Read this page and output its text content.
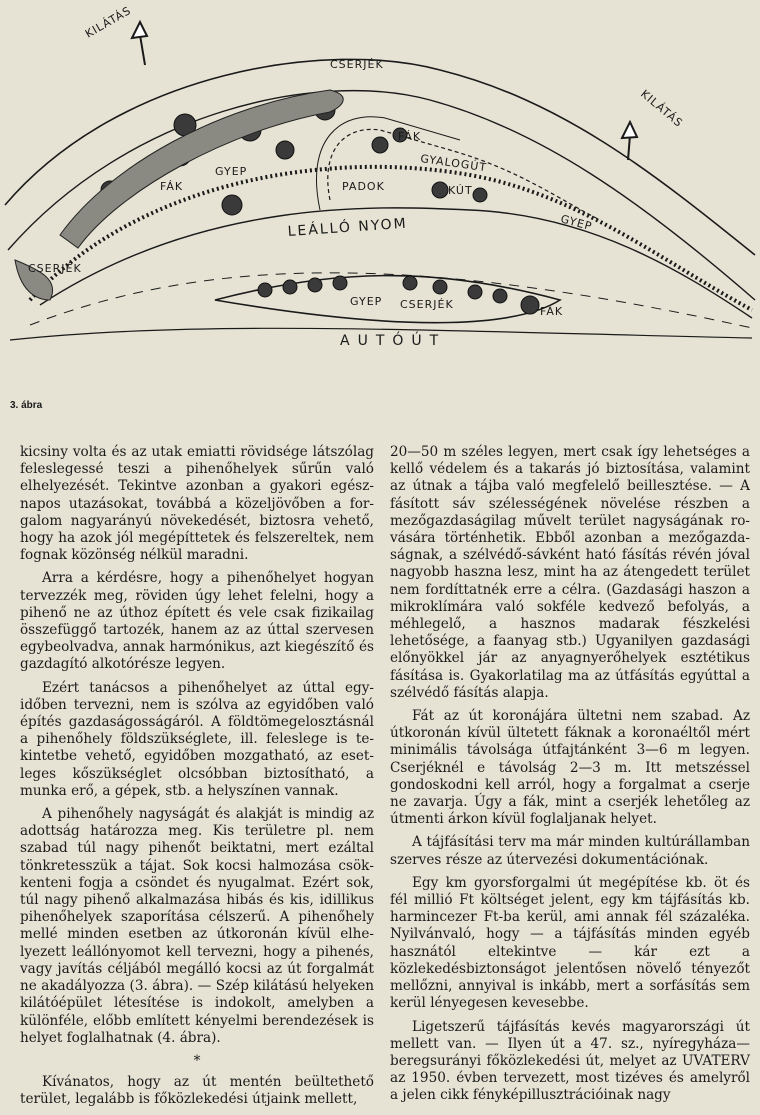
KILÁTÁS
KILÁTÁS
CSERJÉK
CSERJÉK
CSERJÉK
FÁK
FÁK
FÁK
GYEP
GYEP
GYEP
GYALOGÚT
PADOK	KÚT
LEÁLLÓ NYOM
AUTÓÚT
3. ábra

kicsiny volta és az utak emiatti rövidsége látszólag feleslegessé teszi a pihenőhelyek sűrűn való elhelyezését. Tekintve azonban a gyakori egésznapos utazásokat, továbbá a közeljövőben a forgalom nagyarányú növekedését, biztosra vehető, hogy ha azok jól megépíttetek és felszereltek, nem fognak közönség nélkül maradni.

Arra a kérdésre, hogy a pihenőhelyet hogyan tervezzék meg, röviden úgy lehet felelni, hogy a pihenő ne az úthoz épített és vele csak fizikailag összefüggő tartozék, hanem az az úttal szervesen egybeolvadva, annak harmónikus, azt kiegészítő és gazdagító alkotórésze legyen.

Ezért tanácsos a pihenőhelyet az úttal egyidőben tervezni, nem is szólva az egyidőben való építés gazdaságosságáról. A földtömegelosztásnál a pihenőhely földszükséglete, ill. feleslege is tekintetbe vehető, egyidőben mozgatható, az esetleges kőszükséglet olcsóbban biztosítható, a munka erő, a gépek, stb. a helyszínen vannak.

A pihenőhely nagyságát és alakját is mindig az adottság határozza meg. Kis területre pl. nem szabad túl nagy pihenőt beiktatni, mert ezáltal tönkretesszük a tájat. Sok kocsi halmozása csökkenteni fogja a csöndet és nyugalmat. Ezért sok, túl nagy pihenő alkalmazása hibás és kis, idillikus pihenőhelyek szaporítása célszerű. A pihenőhely mellé minden esetben az útkoronán kívül elhelyezett leállónyomot kell tervezni, hogy a pihenés, vagy javítás céljából megálló kocsi az út forgalmát ne akadályozza (3. ábra). — Szép kilátású helyeken kilátóépület létesítése is indokolt, amelyben a különféle, előbb említett kényelmi berendezések is helyet foglalhatnak (4. ábra).

*

Kívánatos, hogy az út mentén beültethető terület, legalább is főközlekedési útjaink mellett,

20—50 m széles legyen, mert csak így lehetséges a kellő védelem és a takarás jó biztosítása, valamint az útnak a tájba való megfelelő beillesztése. — A fásított sáv szélességének növelése részben a mezőgazdaságilag művelt terület nagyságának rovására történhetik. Ebből azonban a mezőgazdaságnak, a szélvédő-sávként ható fásítás révén jóval nagyobb haszna lesz, mint ha az átengedett terület nem fordíttatnék erre a célra. (Gazdasági haszon a mikroklímára való sokféle kedvező befolyás, a méhlegelő, a hasznos madarak fészkelési lehetősége, a faanyag stb.) Ugyanilyen gazdasági előnyökkel jár az anyagnyerőhelyek esztétikus fásítása is. Gyakorlatilag ma az útfásítás egyúttal a szélvédő fásítás alapja.

Fát az út koronájára ültetni nem szabad. Az útkoronán kívül ültetett fáknak a koronaéltől mért minimális távolsága útfajtánként 3—6 m legyen. Cserjéknél e távolság 2—3 m. Itt metszéssel gondoskodni kell arról, hogy a forgalmat a cserje ne zavarja. Úgy a fák, mint a cserjék lehetőleg az útmenti árkon kívül foglaljanak helyet.

A tájfásítási terv ma már minden kultúrállamban szerves része az útervezési dokumentációnak.

Egy km gyorsforgalmi út megépítése kb. öt és fél millió Ft költséget jelent, egy km tájfásítás kb. harmincezer Ft-ba kerül, ami annak fél százaléka. Nyilvánvaló, hogy — a tájfásítás minden egyéb hasznától eltekintve — kár ezt a közlekedésbiztonságot jelentősen növelő tényezőt mellőzni, annyival is inkább, mert a sorfásítás sem kerül lényegesen kevesebbe.

Ligetszerű tájfásítás kevés magyarországi út mellett van. — Ilyen út a 47. sz., nyíregyháza—beregsurányi főközlekedési út, melyet az UVATERV az 1950. évben tervezett, most tizéves és amelyről a jelen cikk fényképillusztrációinak nagy
